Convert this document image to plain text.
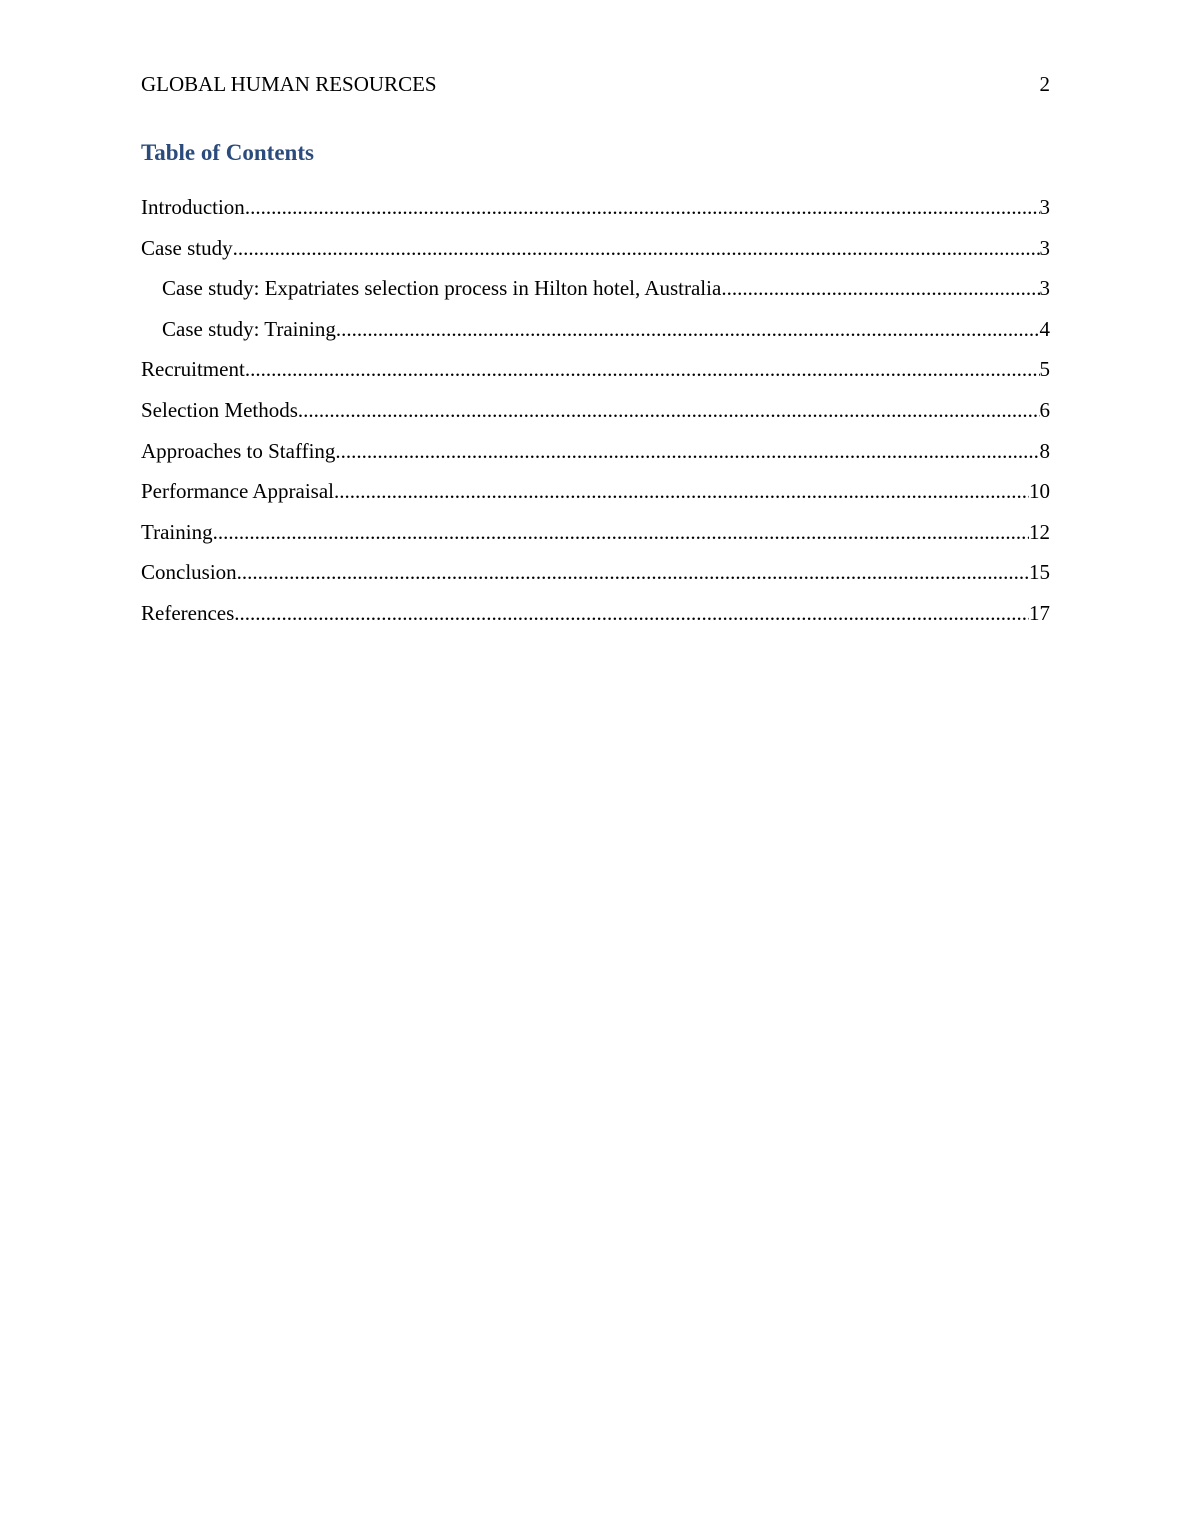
GLOBAL HUMAN RESOURCES	2
Table of Contents
Introduction .....	3
Case study .....	3
Case study: Expatriates selection process in Hilton hotel, Australia .....	3
Case study: Training .....	4
Recruitment .....	5
Selection Methods .....	6
Approaches to Staffing .....	8
Performance Appraisal .....	10
Training .....	12
Conclusion .....	15
References .....	17
